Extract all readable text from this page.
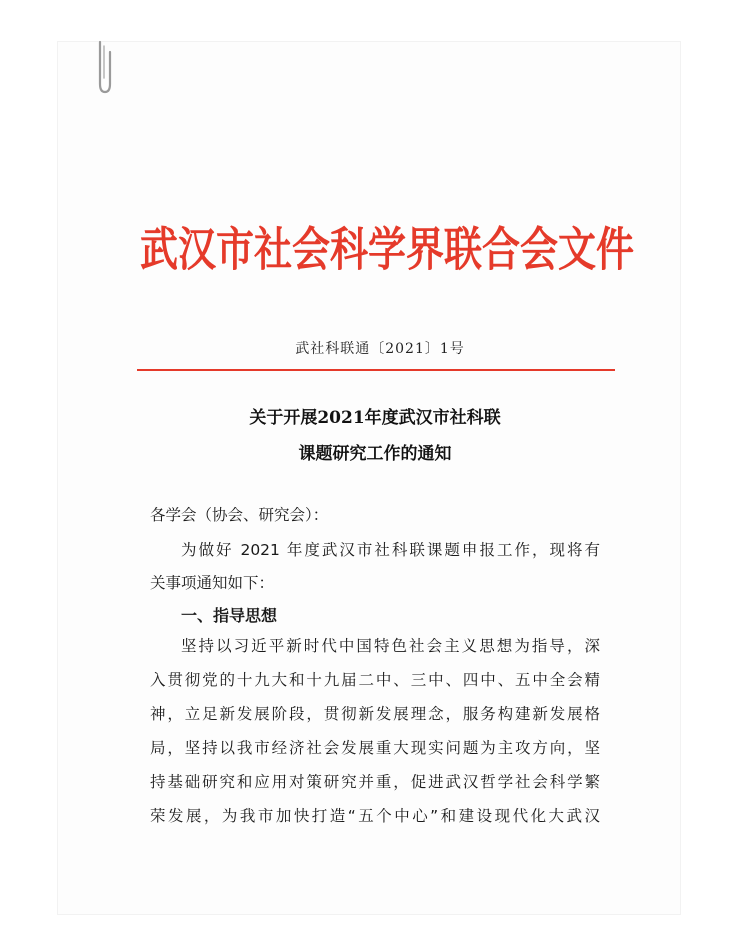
武汉市社会科学界联合会文件
武社科联通〔2021〕1号
关于开展2021年度武汉市社科联
课题研究工作的通知
各学会（协会、研究会）：
为做好 2021 年度武汉市社科联课题申报工作，现将有
关事项通知如下：
一、指导思想
坚持以习近平新时代中国特色社会主义思想为指导，深
入贯彻党的十九大和十九届二中、三中、四中、五中全会精
神，立足新发展阶段，贯彻新发展理念，服务构建新发展格
局，坚持以我市经济社会发展重大现实问题为主攻方向，坚
持基础研究和应用对策研究并重，促进武汉哲学社会科学繁
荣发展，为我市加快打造“五个中心”和建设现代化大武汉
